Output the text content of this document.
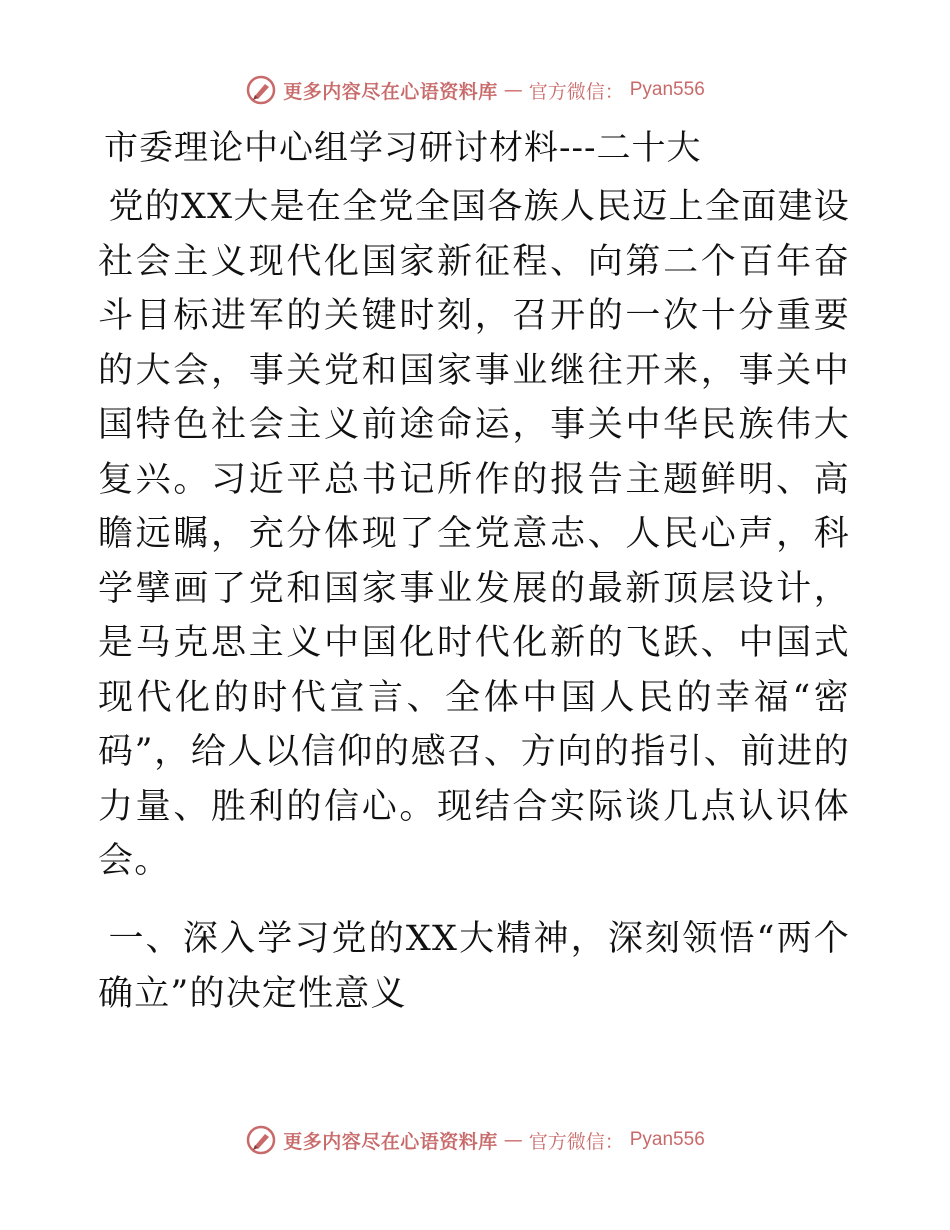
更多内容尽在心语资料库 — 官方微信： Pyan556
市委理论中心组学习研讨材料---二十大

党的XX大是在全党全国各族人民迈上全面建设社会主义现代化国家新征程、向第二个百年奋斗目标进军的关键时刻，召开的一次十分重要的大会，事关党和国家事业继往开来，事关中国特色社会主义前途命运，事关中华民族伟大复兴。习近平总书记所作的报告主题鲜明、高瞻远瞩，充分体现了全党意志、人民心声，科学擘画了党和国家事业发展的最新顶层设计，是马克思主义中国化时代化新的飞跃、中国式现代化的时代宣言、全体中国人民的幸福“密码”，给人以信仰的感召、方向的指引、前进的力量、胜利的信心。现结合实际谈几点认识体会。

一、深入学习党的XX大精神，深刻领悟“两个确立”的决定性意义

更多内容尽在心语资料库 — 官方微信： Pyan556
